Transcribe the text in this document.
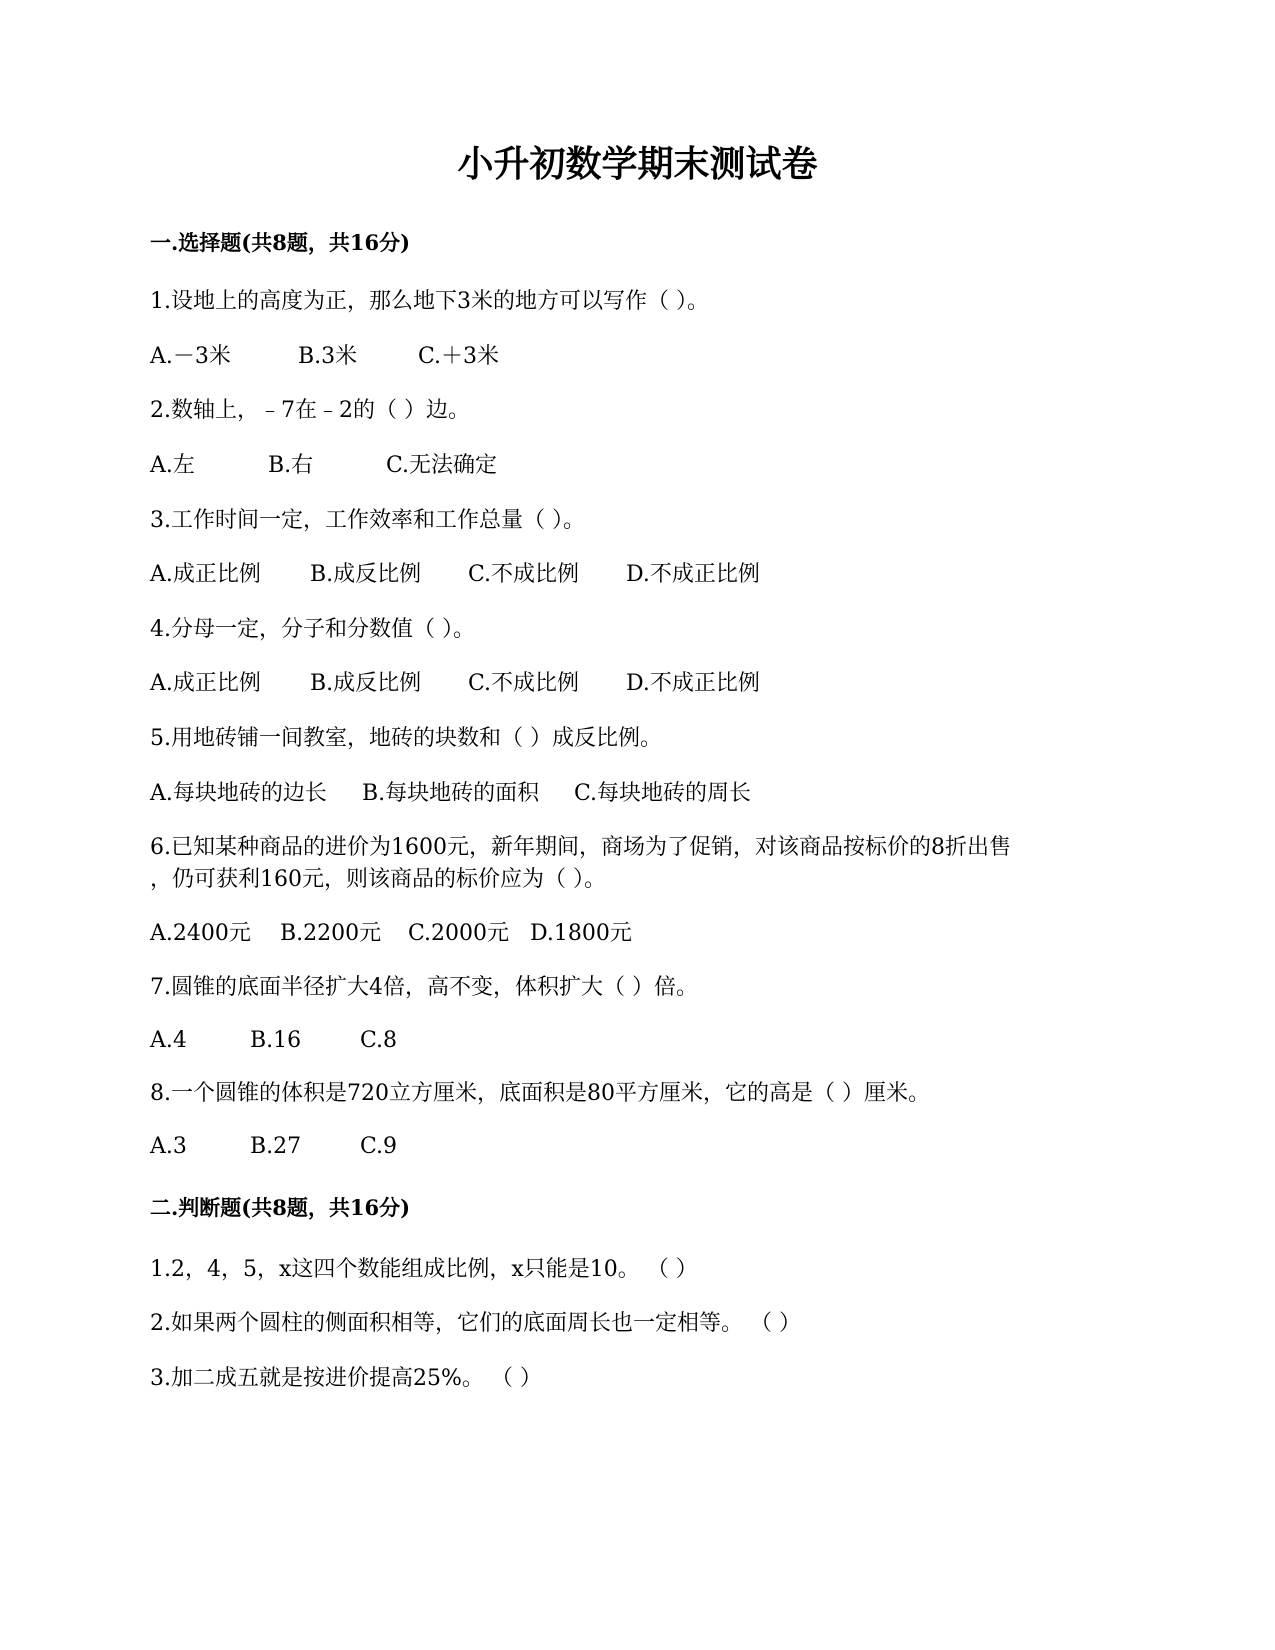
小升初数学期末测试卷
一.选择题(共8题，共16分)

1.设地上的高度为正，那么地下3米的地方可以写作（ ）。

A.－3米	B.3米	C.＋3米

2.数轴上，﹣7在﹣2的（ ）边。

A.左	B.右	C.无法确定

3.工作时间一定，工作效率和工作总量（ ）。

A.成正比例 B.成反比例 C.不成比例 D.不成正比例

4.分母一定，分子和分数值（ ）。

A.成正比例 B.成反比例 C.不成比例 D.不成正比例

5.用地砖铺一间教室，地砖的块数和（ ）成反比例。

A.每块地砖的边长 B.每块地砖的面积 C.每块地砖的周长

6.已知某种商品的进价为1600元，新年期间，商场为了促销，对该商品按标价的8折出售

，仍可获利160元，则该商品的标价应为（ ）。

A.2400元 B.2200元 C.2000元 D.1800元

7.圆锥的底面半径扩大4倍，高不变，体积扩大（ ）倍。

A.4	B.16	C.8

8.一个圆锥的体积是720立方厘米，底面积是80平方厘米，它的高是（ ）厘米。

A.3	B.27	C.9
二.判断题(共8题，共16分)

1.2，4，5，x这四个数能组成比例，x只能是10。 （ ）

2.如果两个圆柱的侧面积相等，它们的底面周长也一定相等。 （ ）

3.加二成五就是按进价提高25%。 （ ）
